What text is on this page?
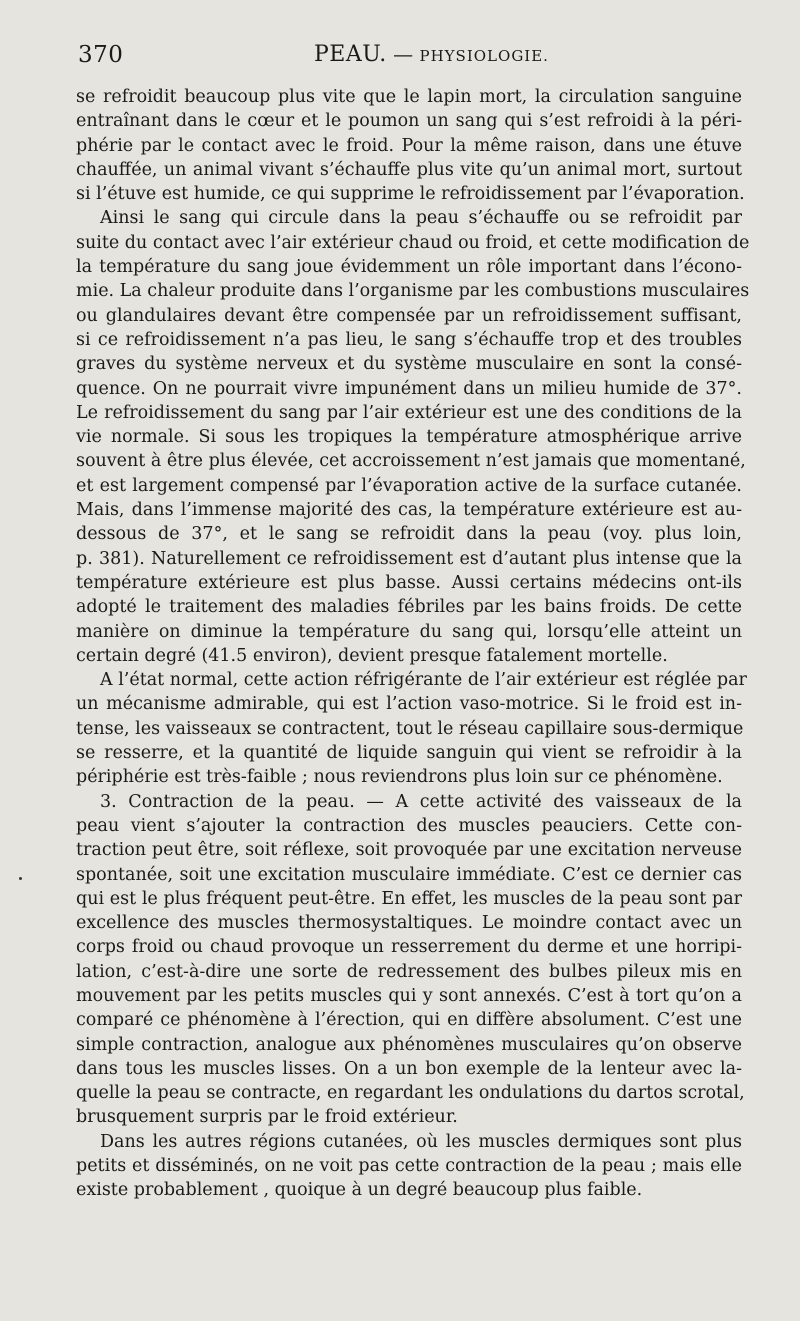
370	PEAU. — PHYSIOLOGIE.
se refroidit beaucoup plus vite que le lapin mort, la circulation sanguine
entraînant dans le cœur et le poumon un sang qui s’est refroidi à la péri-
phérie par le contact avec le froid. Pour la même raison, dans une étuve
chauffée, un animal vivant s’échauffe plus vite qu’un animal mort, surtout
si l’étuve est humide, ce qui supprime le refroidissement par l’évaporation.
Ainsi le sang qui circule dans la peau s’échauffe ou se refroidit par
suite du contact avec l’air extérieur chaud ou froid, et cette modification de
la température du sang joue évidemment un rôle important dans l’écono-
mie. La chaleur produite dans l’organisme par les combustions musculaires
ou glandulaires devant être compensée par un refroidissement suffisant,
si ce refroidissement n’a pas lieu, le sang s’échauffe trop et des troubles
graves du système nerveux et du système musculaire en sont la consé-
quence. On ne pourrait vivre impunément dans un milieu humide de 37°.
Le refroidissement du sang par l’air extérieur est une des conditions de la
vie normale. Si sous les tropiques la température atmosphérique arrive
souvent à être plus élevée, cet accroissement n’est jamais que momentané,
et est largement compensé par l’évaporation active de la surface cutanée.
Mais, dans l’immense majorité des cas, la température extérieure est au-
dessous de 37°, et le sang se refroidit dans la peau (voy. plus loin,
p. 381). Naturellement ce refroidissement est d’autant plus intense que la
température extérieure est plus basse. Aussi certains médecins ont-ils
adopté le traitement des maladies fébriles par les bains froids. De cette
manière on diminue la température du sang qui, lorsqu’elle atteint un
certain degré (41.5 environ), devient presque fatalement mortelle.
A l’état normal, cette action réfrigérante de l’air extérieur est réglée par
un mécanisme admirable, qui est l’action vaso-motrice. Si le froid est in-
tense, les vaisseaux se contractent, tout le réseau capillaire sous-dermique
se resserre, et la quantité de liquide sanguin qui vient se refroidir à la
périphérie est très-faible ; nous reviendrons plus loin sur ce phénomène.
3. Contraction de la peau. — A cette activité des vaisseaux de la
peau vient s’ajouter la contraction des muscles peauciers. Cette con-
traction peut être, soit réflexe, soit provoquée par une excitation nerveuse
spontanée, soit une excitation musculaire immédiate. C’est ce dernier cas
qui est le plus fréquent peut-être. En effet, les muscles de la peau sont par
excellence des muscles thermosystaltiques. Le moindre contact avec un
corps froid ou chaud provoque un resserrement du derme et une horripi-
lation, c’est-à-dire une sorte de redressement des bulbes pileux mis en
mouvement par les petits muscles qui y sont annexés. C’est à tort qu’on a
comparé ce phénomène à l’érection, qui en diffère absolument. C’est une
simple contraction, analogue aux phénomènes musculaires qu’on observe
dans tous les muscles lisses. On a un bon exemple de la lenteur avec la-
quelle la peau se contracte, en regardant les ondulations du dartos scrotal,
brusquement surpris par le froid extérieur.
Dans les autres régions cutanées, où les muscles dermiques sont plus
petits et disséminés, on ne voit pas cette contraction de la peau ; mais elle
existe probablement , quoique à un degré beaucoup plus faible.
